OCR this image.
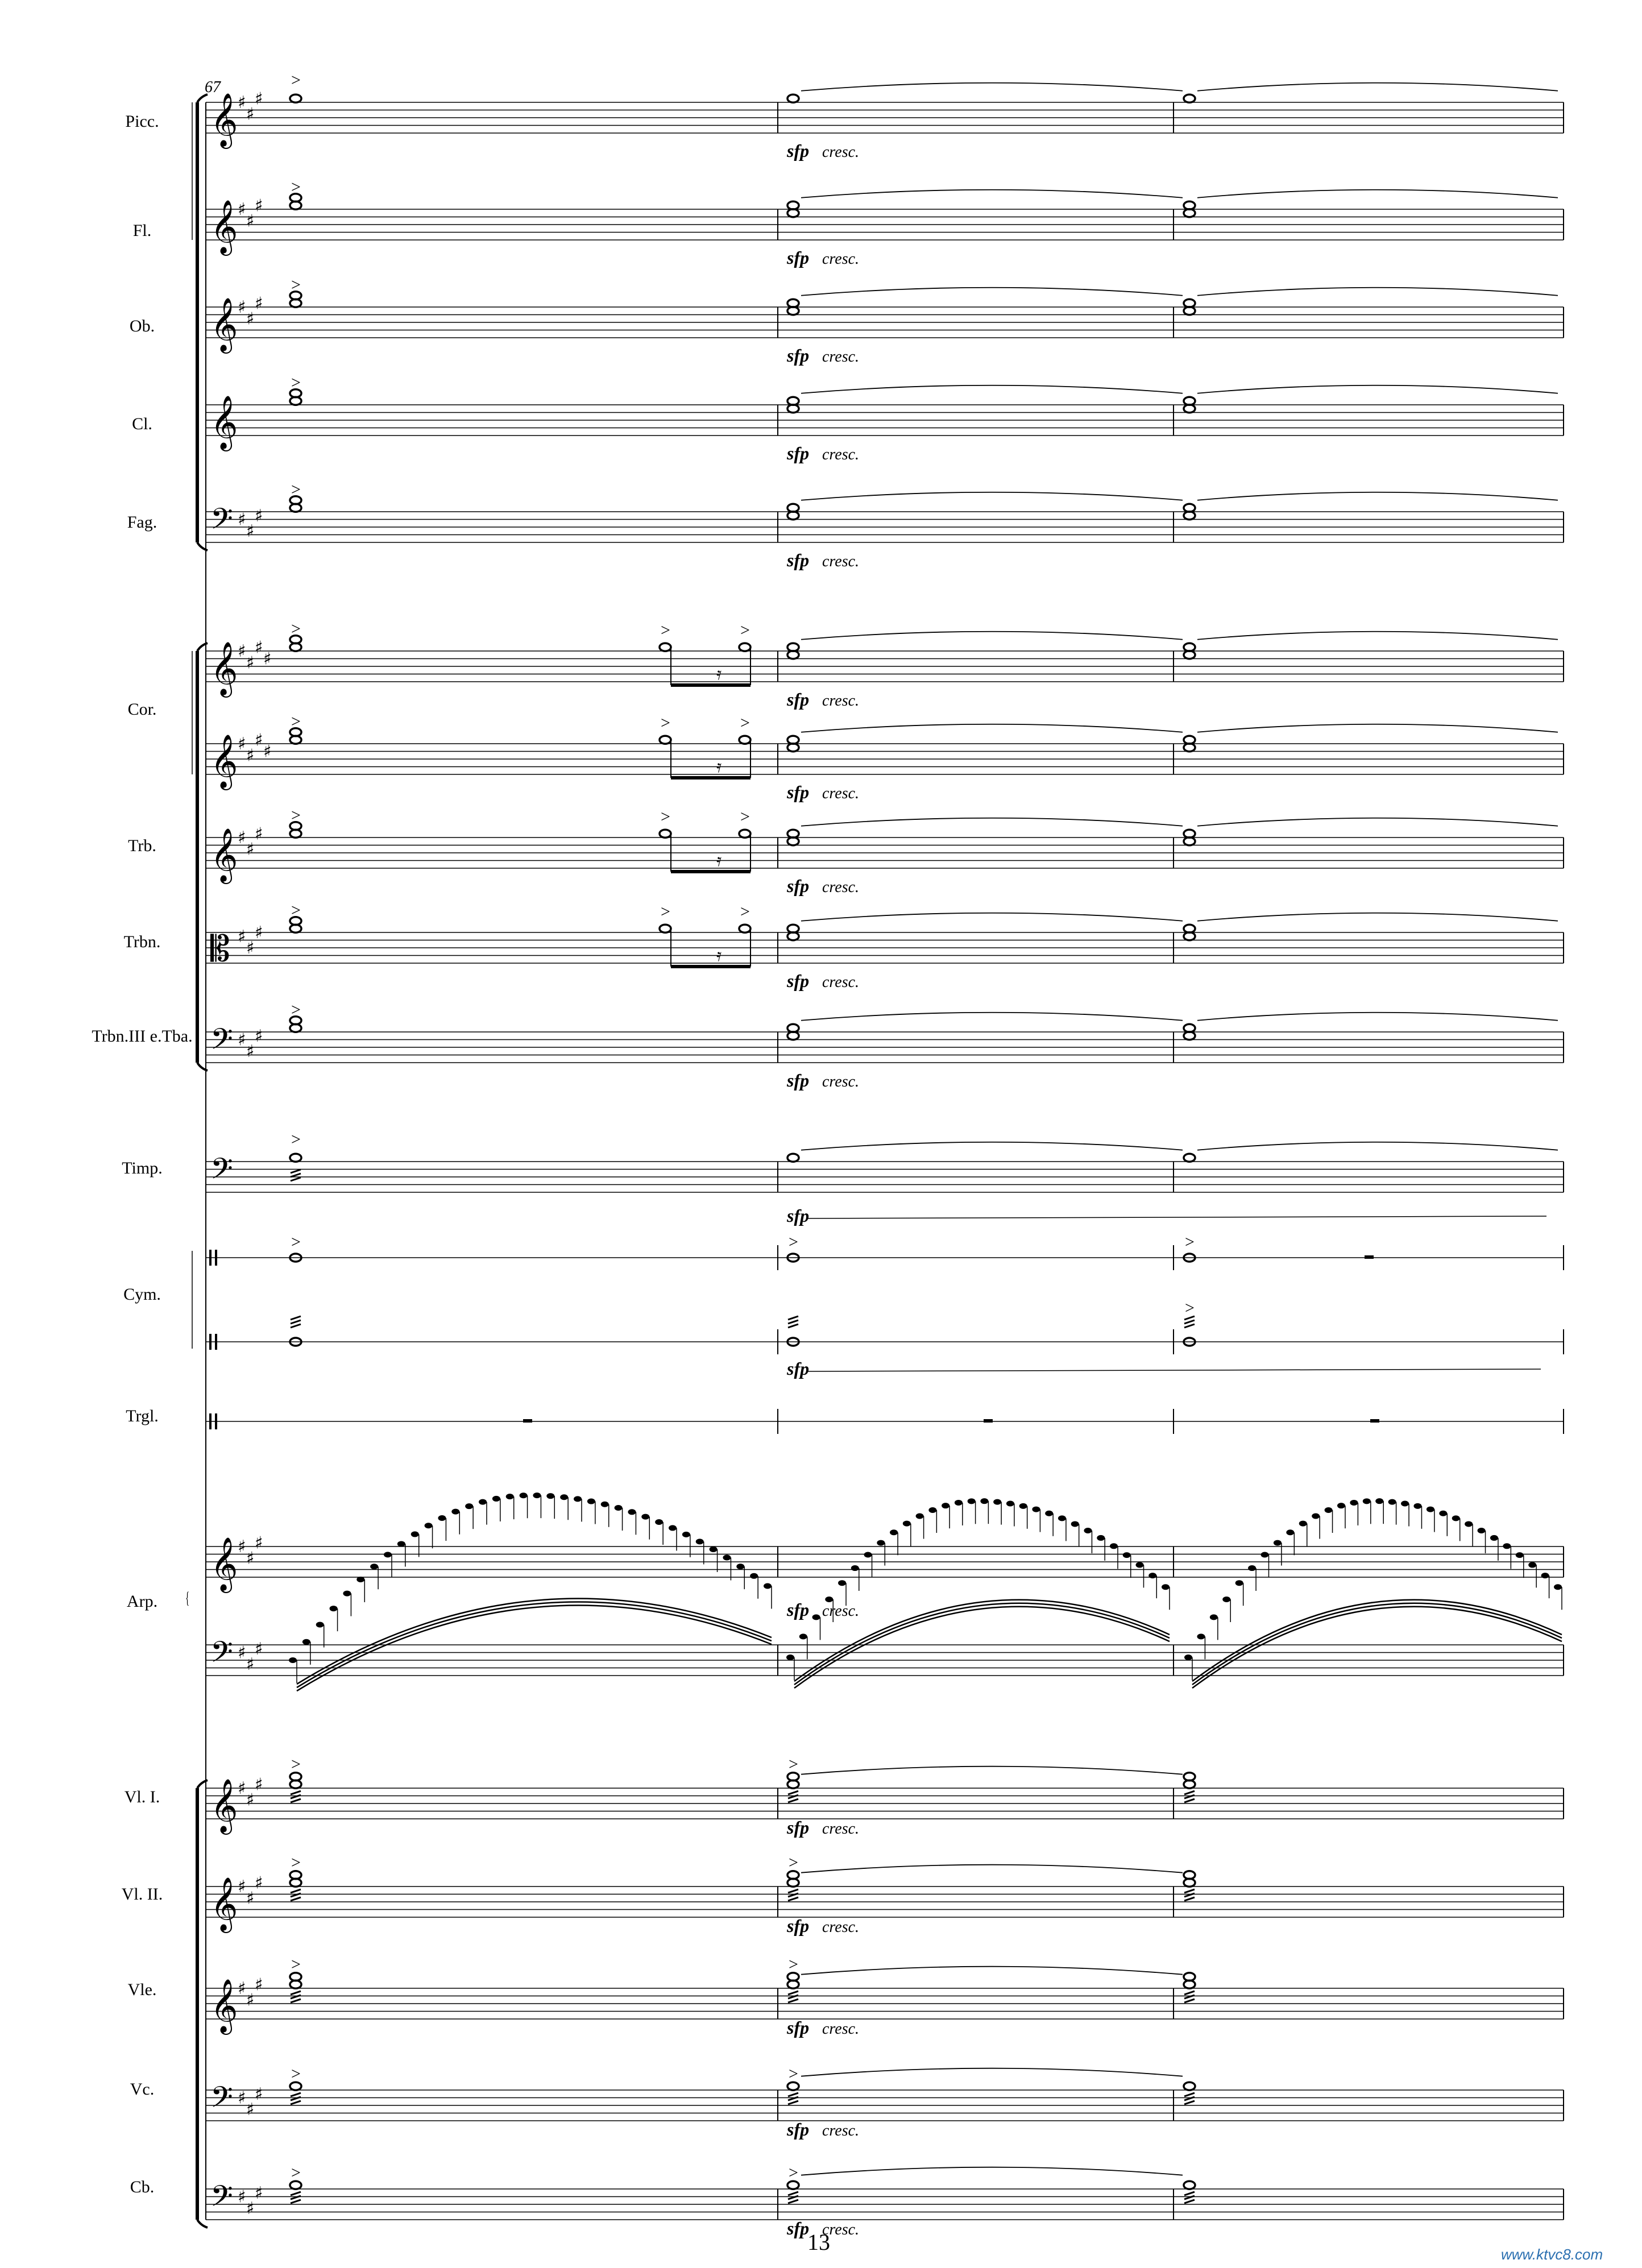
Picc.
Fl.
Ob.
Cl.
Fag.
Cor.
Trb.
Trbn.
Trbn.III e.Tba.
Timp.
Cym.
Trgl.
Arp.
Vl. I.
Vl. II.
Vle.
Vc.
Cb.
𝄞 ♯
♯
♯
>
sfp cresc.
𝄞 ♯
♯
♯
>
sfp cresc.
𝄞 ♯
♯
♯
>
sfp cresc.
𝄞
>
sfp cresc.
𝄢 ♯
♯
♯
>
sfp cresc.
𝄞 ♯
♯
♯
♯
>
sfp cresc.
>	>
𝄿
𝄞 ♯
♯
♯
♯
>
sfp cresc.
>	>
𝄿
𝄞 ♯
♯
♯
>
sfp cresc.
>	>
𝄿
𝄡 ♯
♯
♯
>
sfp cresc.
>	>
𝄿
𝄢 ♯
♯
♯
>
sfp cresc.
𝄢
>
sfp
>	>	>
>
sfp
𝄞 ♯
♯
♯
𝄢 ♯
♯
♯
{
sfp cresc.
𝄞 ♯
♯
♯
>	>
sfp cresc.
𝄞 ♯
♯
♯
>	>
sfp cresc.
𝄞 ♯
♯
♯
>	>
sfp cresc.
𝄢 ♯
♯
♯
>	>
sfp cresc.
𝄢 ♯
♯
♯
>	>
sfp cresc.
67
13	www.ktvc8.com
